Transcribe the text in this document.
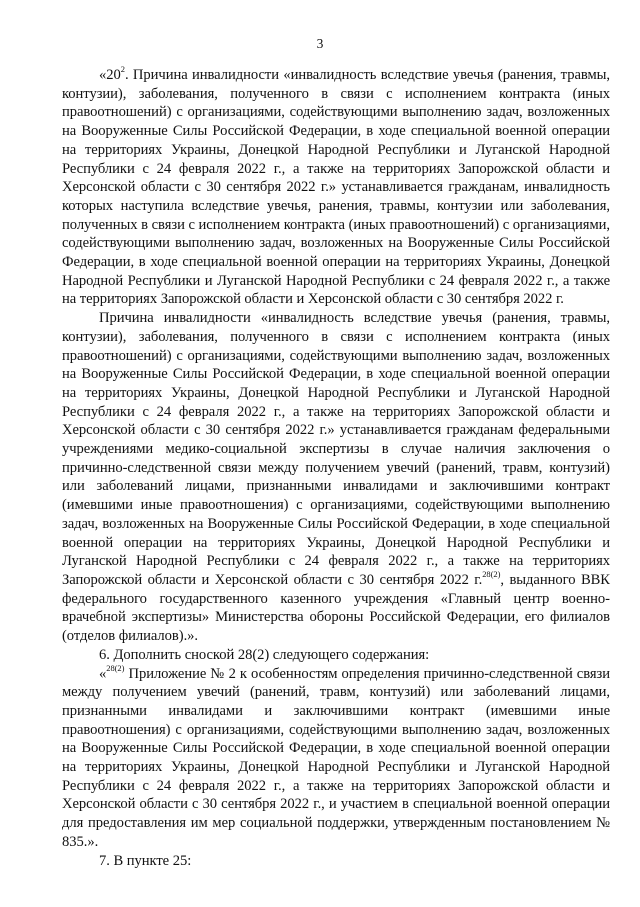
3

«$20^2$. Причина инвалидности «инвалидность вследствие увечья (ранения, травмы, контузии), заболевания, полученного в связи с исполнением контракта (иных правоотношений) с организациями, содействующими выполнению задач, возложенных на Вооруженные Силы Российской Федерации, в ходе специальной военной операции на территориях Украины, Донецкой Народной Республики и Луганской Народной Республики с 24 февраля 2022 г., а также на территориях Запорожской области и Херсонской области с 30 сентября 2022 г.» устанавливается гражданам, инвалидность которых наступила вследствие увечья, ранения, травмы, контузии или заболевания, полученных в связи с исполнением контракта (иных правоотношений) с организациями, содействующими выполнению задач, возложенных на Вооруженные Силы Российской Федерации, в ходе специальной военной операции на территориях Украины, Донецкой Народной Республики и Луганской Народной Республики с 24 февраля 2022 г., а также на территориях Запорожской области и Херсонской области с 30 сентября 2022 г.

Причина инвалидности «инвалидность вследствие увечья (ранения, травмы, контузии), заболевания, полученного в связи с исполнением контракта (иных правоотношений) с организациями, содействующими выполнению задач, возложенных на Вооруженные Силы Российской Федерации, в ходе специальной военной операции на территориях Украины, Донецкой Народной Республики и Луганской Народной Республики с 24 февраля 2022 г., а также на территориях Запорожской области и Херсонской области с 30 сентября 2022 г.» устанавливается гражданам федеральными учреждениями медико-социальной экспертизы в случае наличия заключения о причинно-следственной связи между получением увечий (ранений, травм, контузий) или заболеваний лицами, признанными инвалидами и заключившими контракт (имевшими иные правоотношения) с организациями, содействующими выполнению задач, возложенных на Вооруженные Силы Российской Федерации, в ходе специальной военной операции на территориях Украины, Донецкой Народной Республики и Луганской Народной Республики с 24 февраля 2022 г., а также на территориях Запорожской области и Херсонской области с 30 сентября 2022 г.$^{28(2)}$, выданного ВВК федерального государственного казенного учреждения «Главный центр военно-врачебной экспертизы» Министерства обороны Российской Федерации, его филиалов (отделов филиалов).».

6. Дополнить сноской 28(2) следующего содержания:

«$^{28(2)}$ Приложение № 2 к особенностям определения причинно-следственной связи между получением увечий (ранений, травм, контузий) или заболеваний лицами, признанными инвалидами и заключившими контракт (имевшими иные правоотношения) с организациями, содействующими выполнению задач, возложенных на Вооруженные Силы Российской Федерации, в ходе специальной военной операции на территориях Украины, Донецкой Народной Республики и Луганской Народной Республики с 24 февраля 2022 г., а также на территориях Запорожской области и Херсонской области с 30 сентября 2022 г., и участием в специальной военной операции для предоставления им мер социальной поддержки, утвержденным постановлением № 835.».

7. В пункте 25:
